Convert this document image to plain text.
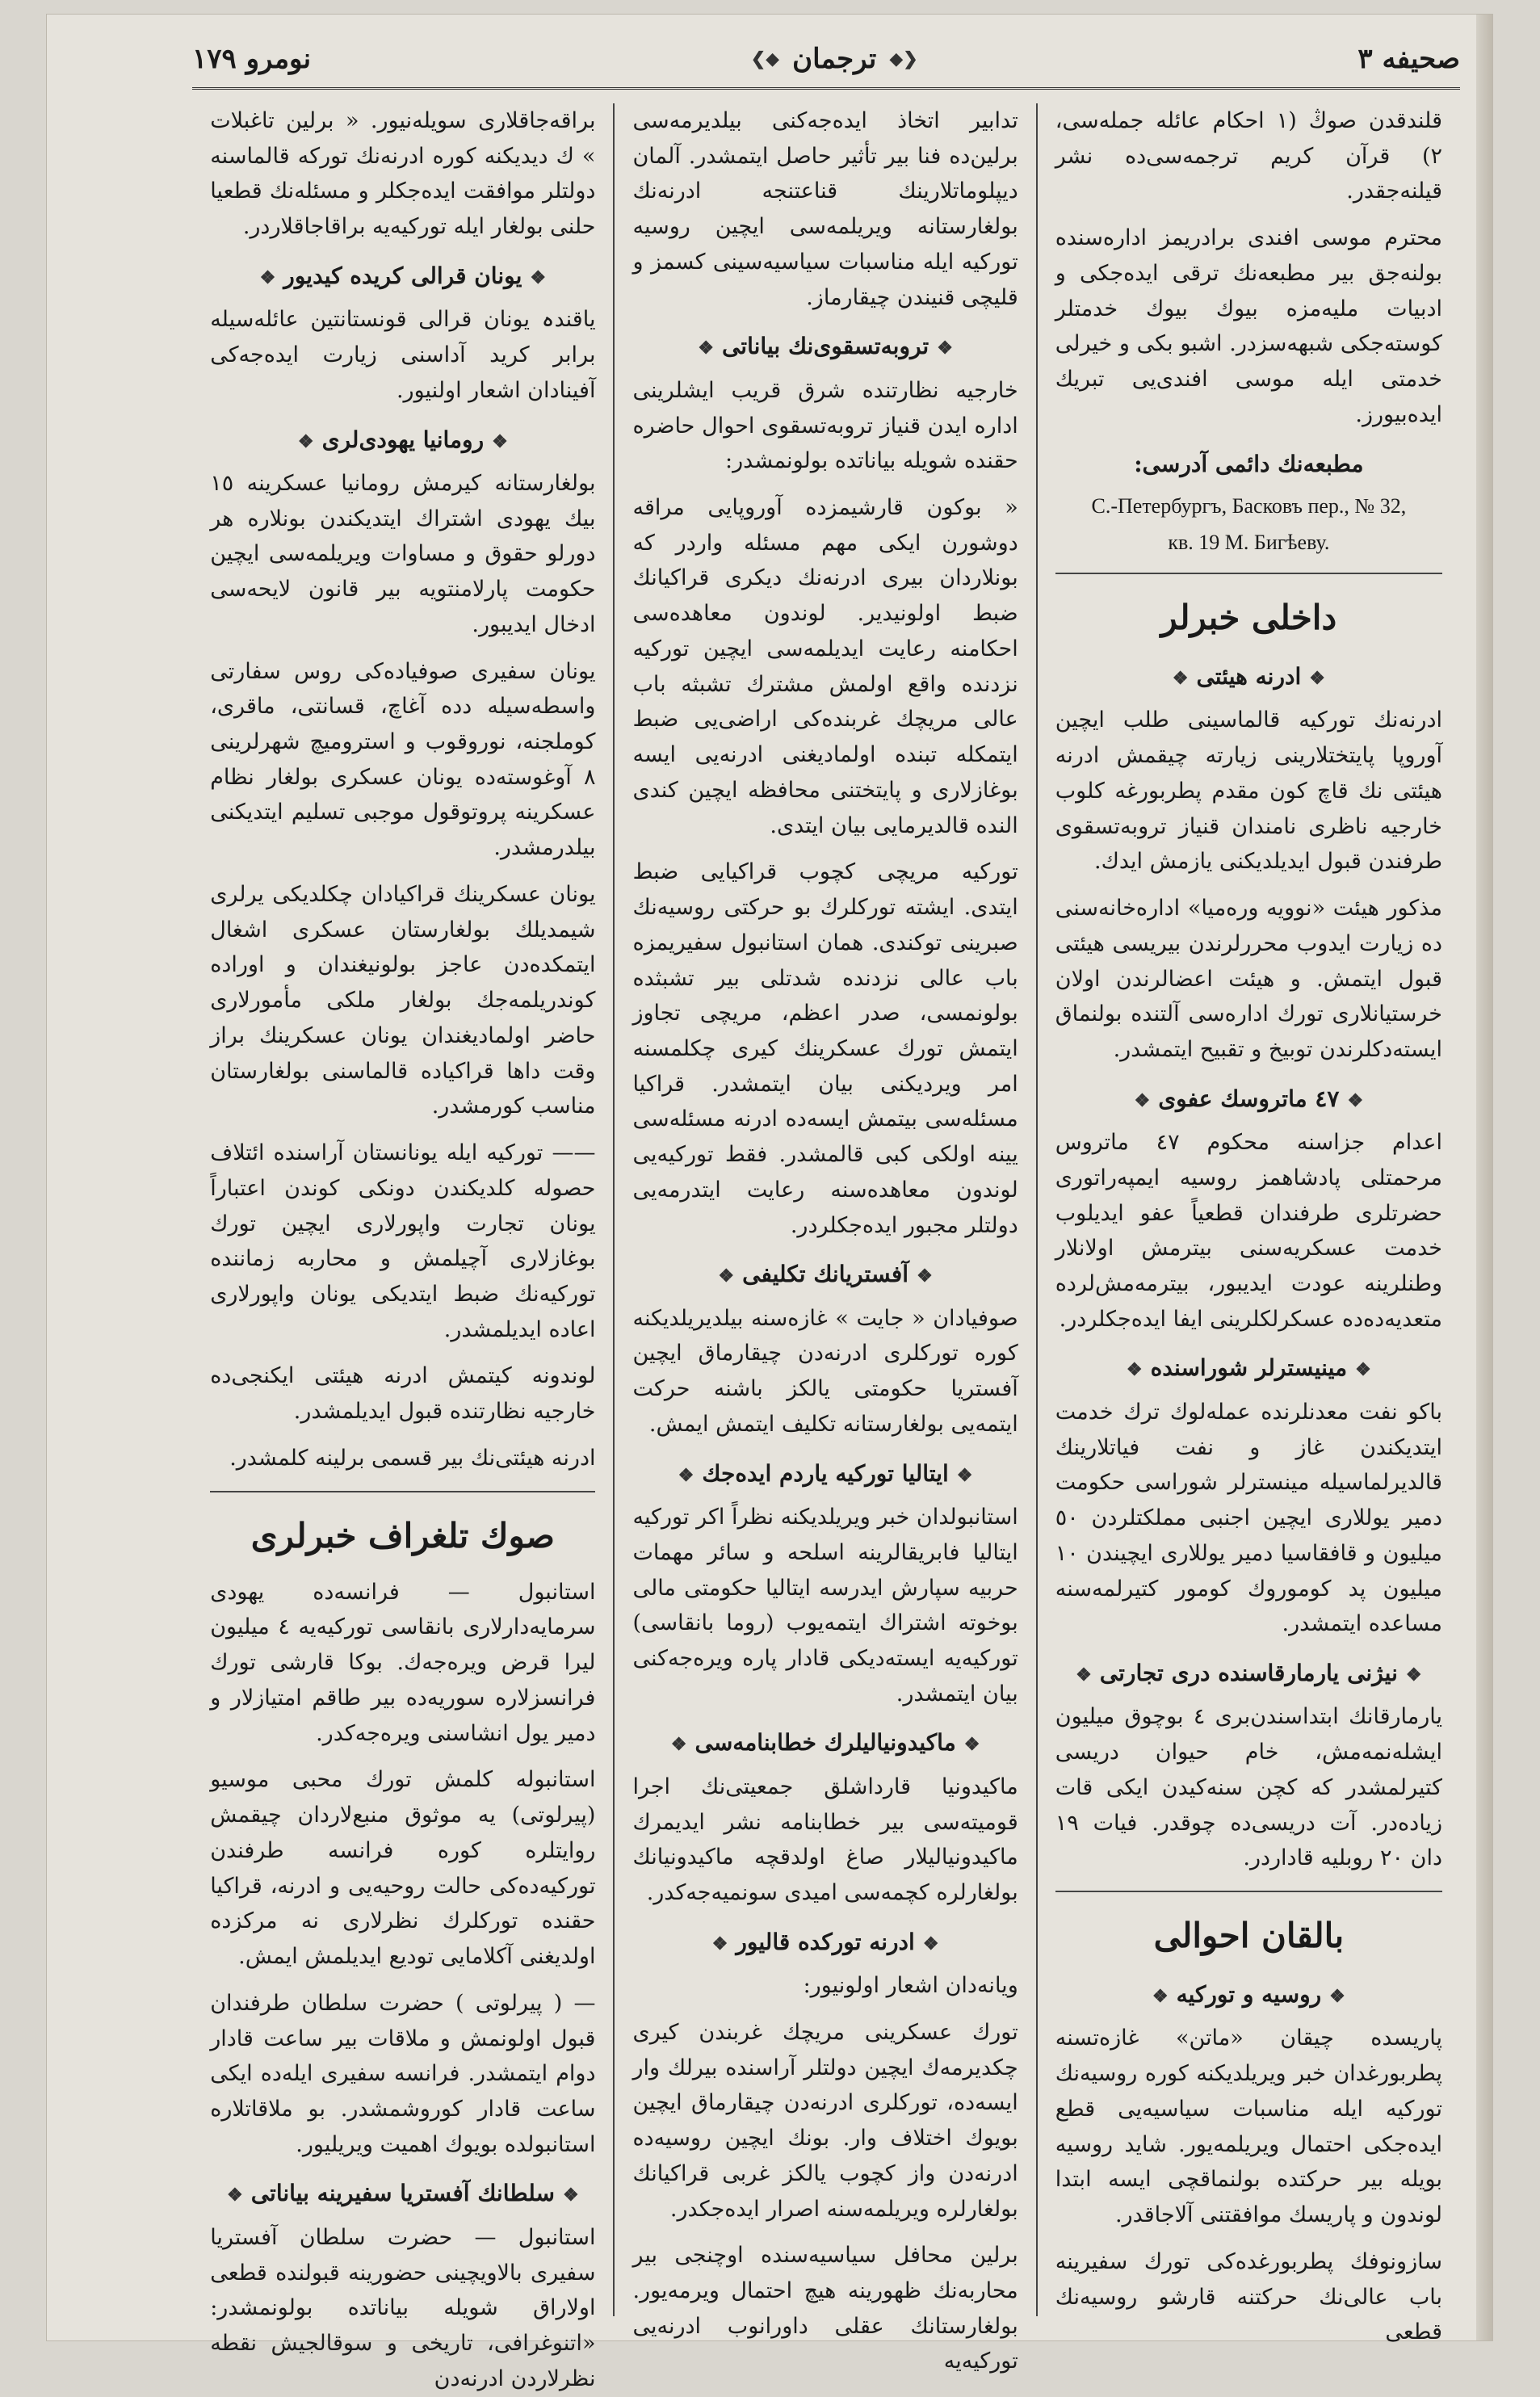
نومرو ۱۷۹	❮◆ ترجمان ◆❯	صحیفه ۳

قلندقدن صوڭ (١ احکام عائله جمله‌سی، ٢) قرآن کریم ترجمه‌سی‌ده نشر قیلنه‌جقدر.

محترم موسی افندی برادریمز اداره‌سنده بولنه‌جق بیر مطبعه‌نك ترقی ایده‌جکی و ادبیات ملیه‌مزه بیوك بیوك خدمتلر کوسته‌جکی شبهه‌سزدر. اشبو بکی و خیرلی خدمتی ایله موسی افندی‌یی تبریك ایده‌بیورز.

مطبعه‌نك دائمی آدرسی:
С.-Петербургъ, Басковъ пер., № 32,
кв. 19 М. Бигѣеву.
داخلی خبرلر
❖ادرنه هیئتی❖

ادرنه‌نك تورکیه قالماسینی طلب ایچین آوروپا پایتختلارینی زیارته چیقمش ادرنه هیئتی نك قاچ کون مقدم پطربورغه کلوب خارجیه ناظری نامندان قنیاز تروبه‌تسقوی طرفندن قبول ایدیلدیکنی یازمش ایدك.

مذکور هیئت «نوویه وره‌میا» اداره‌خانه‌سنی ده زیارت ایدوب محررلرندن بیریسی هیئتی قبول ایتمش. و هیئت اعضالرندن اولان خرستیانلاری تورك اداره‌سی آلتنده بولنماق ایسته‌دکلرندن توبیخ و تقبیح ایتمشدر.

❖٤٧ ماتروسك عفوی❖

اعدام جزاسنه محکوم ٤٧ ماتروس مرحمتلی پادشاهمز روسیه ایمپه‌راتوری حضرتلری طرفندان قطعیاً عفو ایدیلوب خدمت عسکریه‌سنی بیترمش اولانلار وطنلرینه عودت ایدیبور، بیترمه‌مش‌لرده متعدیه‌ده‌ده عسکرلکلرینی ایفا ایده‌جکلردر.

❖مینیسترلر شوراسنده❖

باکو نفت معدنلرنده عمله‌لوك ترك خدمت ایتدیکندن غاز و نفت فیاتلارینك قالدیرلماسیله مینسترلر شوراسی حکومت دمیر یوللاری ایچین اجنبی مملکتلردن ٥٠ میلیون و قافقاسیا دمیر یوللاری ایچیندن ١٠ میلیون پد کوموروك کومور کتیرلمه‌سنه مساعده ایتمشدر.

❖نیژنی یارمارقاسنده دری تجارتی❖

یارمارقانك ابتداسندن‌بری ٤ بوچوق میلیون ایشله‌نمه‌مش، خام حیوان دریسی کتیرلمشدر که کچن سنه‌کیدن ایکی قات زیاده‌در. آت دریسی‌ده چوقدر. فیات ١٩ دان ٢٠ روبلیه قادار‌در.

بالقان احوالی
❖روسیه و تورکیه❖

پاریسده چیقان «ماتن» غازه‌تسنه پطربورغدان خبر ویریلدیکنه کوره روسیه‌نك تورکیه ایله مناسبات سیاسیه‌یی قطع ایده‌جکی احتمال ویریلمه‌یور. شاید روسیه بویله بیر حرکتده بولنماقچی ایسه ابتدا لوندون و پاریسك موافقتنی آلاجاقدر.

سازونوفك پطربورغده‌کی تورك سفیرینه باب عالی‌نك حرکتنه قارشو روسیه‌نك قطعی

تدابیر اتخاذ ایده‌جه‌کنی بیلدیرمه‌سی برلین‌ده فنا بیر تأثیر حاصل ایتمشدر. آلمان دیپلوماتلارینك قناعتنجه ادرنه‌نك بولغارستانه ویریلمه‌سی ایچین روسیه تورکیه ایله مناسبات سیاسیه‌سینی کسمز و قلیچی قنیندن چیقارماز.

❖تروبه‌تسقوی‌نك بیاناتی❖

خارجیه نظارتنده شرق قریب ایشلرینی اداره ایدن قنیاز تروبه‌تسقوی احوال حاضره حقنده شویله بیاناتده بولونمشدر:

« بوکون قارشیمزده آوروپایی مراقه دوشورن ایکی مهم مسئله واردر که بونلاردان بیری ادرنه‌نك دیکری قراکیانك ضبط اولونیدیر. لوندون معاهده‌سی احکامنه رعایت ایدیلمه‌سی ایچین تورکیه نزدنده واقع اولمش مشترك تشبثه باب عالی مریچك غربنده‌کی اراضی‌یی ضبط ایتمکله تبنده اولمادیغنی ادرنه‌یی ایسه بوغازلاری و پایتختنی محافظه ایچین کندی النده قالدیرمایی بیان ایتدی.

تورکیه مریچی کچوب قراکیایی ضبط ایتدی. ایشته تورکلرك بو حرکتی روسیه‌نك صبرینی توکندی. همان استانبول سفیریمزه باب عالی نزدنده شدتلی بیر تشبثده بولونمسی، صدر اعظم، مریچی تجاوز ایتمش تورك عسکرینك کیری چکلمسنه امر ویردیکنی بیان ایتمشدر. قراکیا مسئله‌سی بیتمش ایسه‌ده ادرنه مسئله‌سی یینه اولکی کبی قالمشدر. فقط تورکیه‌یی لوندون معاهده‌سنه رعایت ایتدرمه‌یی دولتلر مجبور ایده‌جکلردر.

❖آفستریانك تکلیفی❖

صوفیادان « جایت » غازه‌سنه بیلدیریلدیکنه کوره تورکلری ادرنه‌دن چیقارماق ایچین آفستریا حکومتی یالکز باشنه حرکت ایتمه‌یی بولغارستانه تکلیف ایتمش ایمش.

❖ایتالیا تورکیه یاردم ایده‌جك❖

استانبولدان خبر ویریلدیکنه نظراً اکر تورکیه ایتالیا فابریقالرینه اسلحه و سائر مهمات حربیه سپارش ایدرسه ایتالیا حکومتی مالی بوخوته اشتراك ایتمه‌یوب (روما بانقاسی) تورکیه‌یه ایسته‌دیکی قادار پاره ویره‌جه‌کنی بیان ایتمشدر.

❖ماکیدونیالیلرك خطابنامه‌سی❖

ماکیدونیا قارداشلق جمعیتی‌نك اجرا قومیته‌سی بیر خطابنامه نشر ایدیمرك ماکیدونیالیلار صاغ اولدقچه ماکیدونیانك بولغارلره کچمه‌سی امیدی سونمیه‌جه‌کدر.

❖ادرنه تورکده قالیور❖

ویانه‌دان اشعار اولونیور:

تورك عسکرینی مریچك غربندن کیری چکدیرمه‌ك ایچین دولتلر آراسنده بیرلك وار ایسه‌ده، تورکلری ادرنه‌دن چیقارماق ایچین بویوك اختلاف وار. بونك ایچین روسیه‌ده ادرنه‌دن واز کچوب یالکز غربی قراکیانك بولغارلره ویریلمه‌سنه اصرار ایده‌جکدر.

برلین محافل سیاسیه‌سنده اوچنجی بیر محاربه‌نك ظهورینه هیچ احتمال ویرمه‌یور. بولغارستانك عقلی داورانوب ادرنه‌یی تورکیه‌یه

براقه‌جاقلاری سویله‌نیور. « برلین تاغبلات » ك دیدیکنه کوره ادرنه‌نك تورکه قالماسنه دولتلر موافقت ایده‌جکلر و مسئله‌نك قطعیا حلنی بولغار ایله تورکیه‌یه براقاجاقلاردر.

❖یونان قرالی کریده کیدیور❖

یاقندہ یونان قرالی قونستانتین عائله‌سیله برابر کرید آداسنی زیارت ایده‌جه‌کی آفینادان اشعار اولنیور.

❖رومانیا یهودی‌لری❖

بولغارستانه کیرمش رومانیا عسکرینه ١٥ بیك یهودی اشتراك ایتدیکندن بونلاره هر دورلو حقوق و مساوات ویریلمه‌سی ایچین حکومت پارلامنتویه بیر قانون لایحه‌سی ادخال ایدیبور.

یونان سفیری صوفیاده‌کی روس سفارتی واسطه‌سیله دده آغاچ، قسانتی، ماقری، کوملجنه، نوروقوب و استرومیچ شهرلرینی ٨ آوغوسته‌ده یونان عسکری بولغار نظام عسکرینه پروتوقول موجبی تسلیم ایتدیکنی بیلدرمشدر.

یونان عسکرینك قراکیادان چکلدیکی یرلری شیمدیلك بولغارستان عسکری اشغال ایتمکده‌دن عاجز بولونیغندان و اوراده کوندریلمه‌جك بولغار ملکی مأمورلاری حاضر اولمادیغندان یونان عسکرینك براز وقت داها قراکیاده قالماسنی بولغارستان مناسب کورمشدر.

—— تورکیه ایله یونانستان آراسنده ائتلاف حصوله کلدیکندن دونکی کوندن اعتباراً یونان تجارت واپورلاری ایچین تورك بوغازلاری آچیلمش و محاربه زماننده تورکیه‌نك ضبط ایتدیکی یونان واپورلاری اعاده ایدیلمشدر.

لوندونه کیتمش ادرنه هیئتی ایکنجی‌ده خارجیه نظارتنده قبول ایدیلمشدر.

ادرنه هیئتی‌نك بیر قسمی برلینه کلمشدر.

صوك تلغراف خبرلری

استانبول — فرانسه‌ده یهودی سرمایه‌دارلاری بانقاسی تورکیه‌یه ٤ میلیون لیرا قرض ویره‌جه‌ك. بوکا قارشی تورك فرانسزلاره سوریه‌ده بیر طاقم امتیازلار و دمیر یول انشاسنی ویره‌جه‌کدر.

استانبوله کلمش تورك محبی موسیو (پیرلوتی) یه موثوق منبع‌لاردان چیقمش روایتلره کوره فرانسه طرفندن تورکیه‌ده‌کی حالت روحیه‌یی و ادرنه، قراکیا حقنده تورکلرك نظرلاری نه مرکزده اولدیغنی آکلامایی تودیع ایدیلمش ایمش.

— ( پیرلوتی ) حضرت سلطان طرفندان قبول اولونمش و ملاقات بیر ساعت قادار دوام ایتمشدر. فرانسه سفیری ایله‌ده ایکی ساعت قادار کوروشمشدر. بو ملاقاتلاره استانبولده بویوك اهمیت ویریلیور.

❖سلطانك آفستریا سفیرینه بیاناتی❖

استانبول — حضرت سلطان آفستریا سفیری بالاویچینی حضورینه قبولنده قطعی اولاراق شویله بیاناتده بولونمشدر: «اتنوغرافی، تاریخی و سوقالجیش نقطه نظرلاردن ادرنه‌دن
